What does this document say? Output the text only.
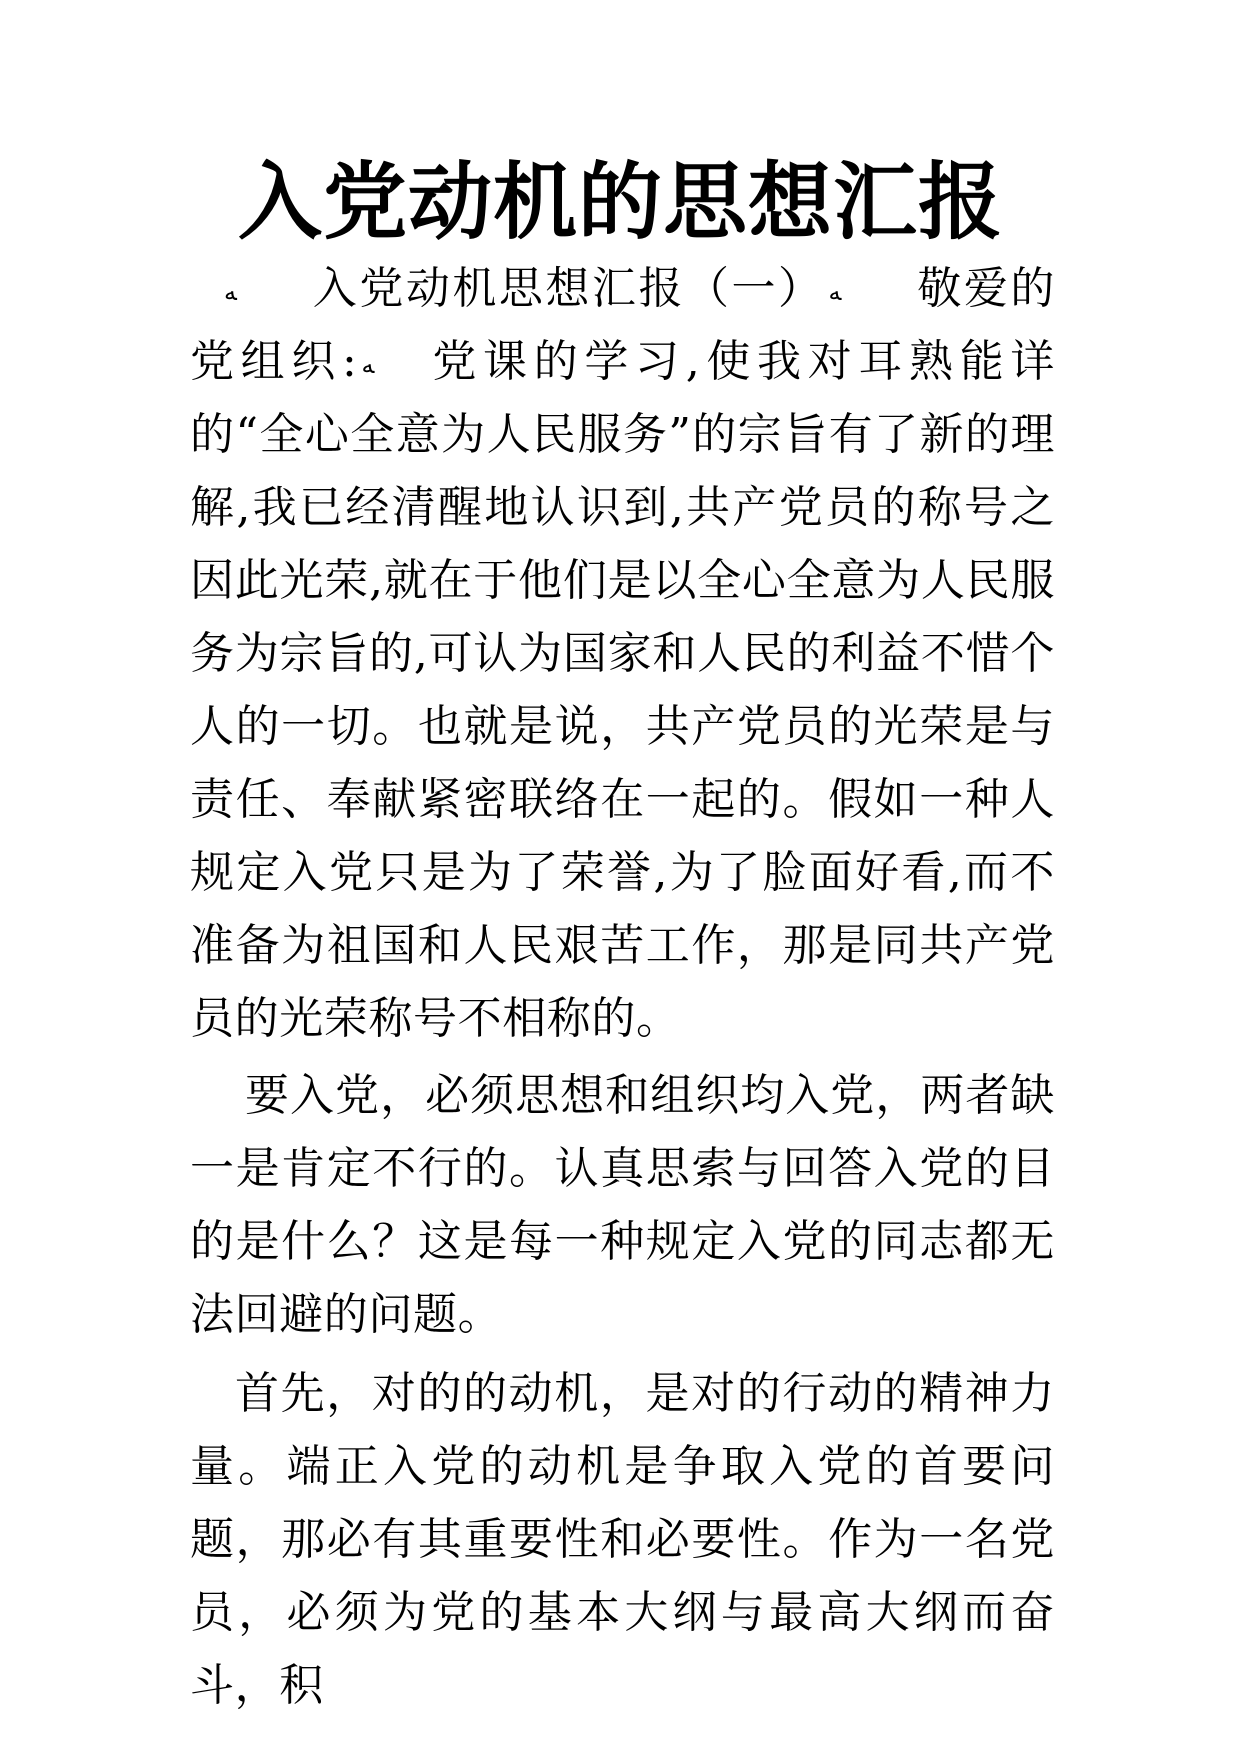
入党动机的思想汇报

ﻪ 入党动机思想汇报（一） ﻪ 敬爱的党组织: ﻪ 党课的学习,使我对耳熟能详的“全心全意为人民服务”的宗旨有了新的理解,我已经清醒地认识到,共产党员的称号之因此光荣,就在于他们是以全心全意为人民服务为宗旨的,可认为国家和人民的利益不惜个人的一切。也就是说，共产党员的光荣是与责任、奉献紧密联络在一起的。假如一种人规定入党只是为了荣誉,为了脸面好看,而不准备为祖国和人民艰苦工作，那是同共产党员的光荣称号不相称的。

要入党，必须思想和组织均入党，两者缺一是肯定不行的。认真思索与回答入党的目的是什么？这是每一种规定入党的同志都无法回避的问题。

首先，对的的动机，是对的行动的精神力量。端正入党的动机是争取入党的首要问题，那必有其重要性和必要性。作为一名党员，必须为党的基本大纲与最高大纲而奋斗，积
